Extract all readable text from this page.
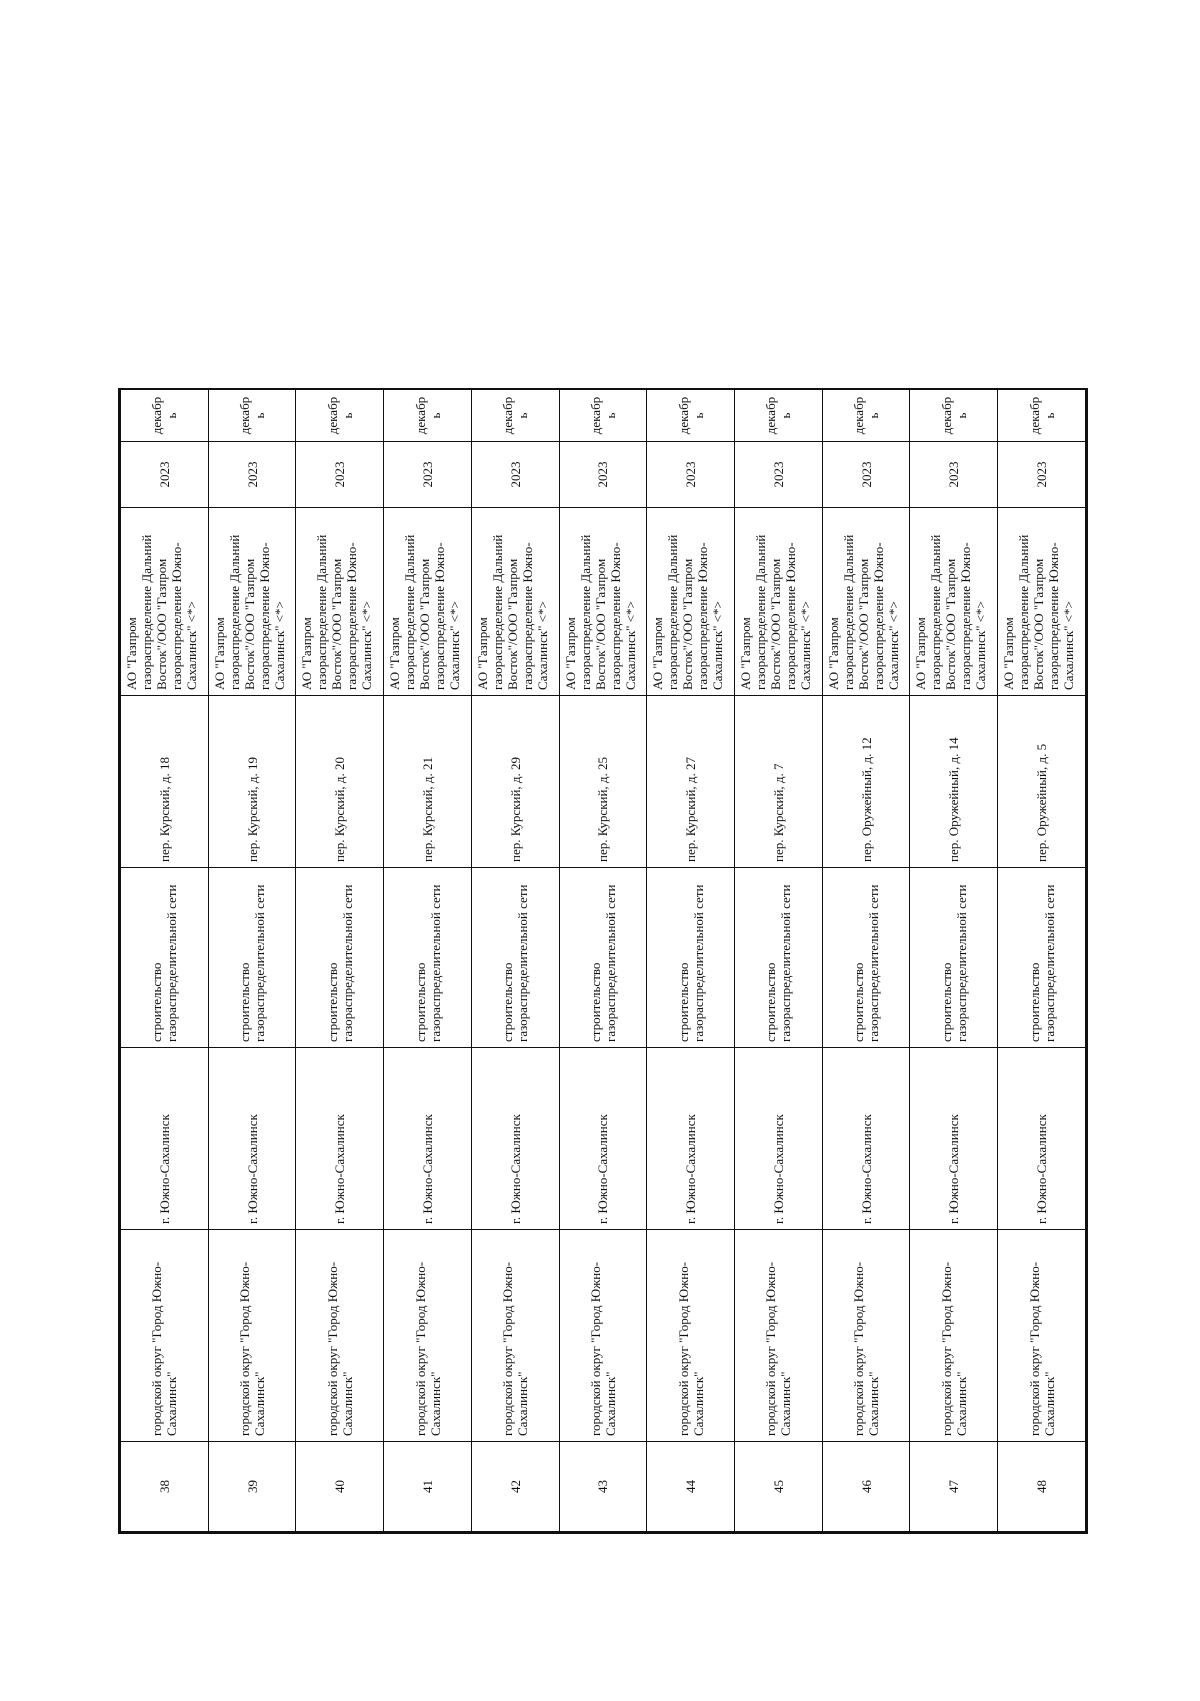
38	городской округ "Город Южно-Сахалинск"	г. Южно-Сахалинск	строительство газораспределительной сети	пер. Курский, д. 18	АО "Газпром газораспределение Дальний Восток"/ООО "Газпром газораспределение Южно-Сахалинск" <*>	2023	декабрь
39	городской округ "Город Южно-Сахалинск"	г. Южно-Сахалинск	строительство газораспределительной сети	пер. Курский, д. 19	АО "Газпром газораспределение Дальний Восток"/ООО "Газпром газораспределение Южно-Сахалинск" <*>	2023	декабрь
40	городской округ "Город Южно-Сахалинск"	г. Южно-Сахалинск	строительство газораспределительной сети	пер. Курский, д. 20	АО "Газпром газораспределение Дальний Восток"/ООО "Газпром газораспределение Южно-Сахалинск" <*>	2023	декабрь
41	городской округ "Город Южно-Сахалинск"	г. Южно-Сахалинск	строительство газораспределительной сети	пер. Курский, д. 21	АО "Газпром газораспределение Дальний Восток"/ООО "Газпром газораспределение Южно-Сахалинск" <*>	2023	декабрь
42	городской округ "Город Южно-Сахалинск"	г. Южно-Сахалинск	строительство газораспределительной сети	пер. Курский, д. 29	АО "Газпром газораспределение Дальний Восток"/ООО "Газпром газораспределение Южно-Сахалинск" <*>	2023	декабрь
43	городской округ "Город Южно-Сахалинск"	г. Южно-Сахалинск	строительство газораспределительной сети	пер. Курский, д. 25	АО "Газпром газораспределение Дальний Восток"/ООО "Газпром газораспределение Южно-Сахалинск" <*>	2023	декабрь
44	городской округ "Город Южно-Сахалинск"	г. Южно-Сахалинск	строительство газораспределительной сети	пер. Курский, д. 27	АО "Газпром газораспределение Дальний Восток"/ООО "Газпром газораспределение Южно-Сахалинск" <*>	2023	декабрь
45	городской округ "Город Южно-Сахалинск"	г. Южно-Сахалинск	строительство газораспределительной сети	пер. Курский, д. 7	АО "Газпром газораспределение Дальний Восток"/ООО "Газпром газораспределение Южно-Сахалинск" <*>	2023	декабрь
46	городской округ "Город Южно-Сахалинск"	г. Южно-Сахалинск	строительство газораспределительной сети	пер. Оружейный, д. 12	АО "Газпром газораспределение Дальний Восток"/ООО "Газпром газораспределение Южно-Сахалинск" <*>	2023	декабрь
47	городской округ "Город Южно-Сахалинск"	г. Южно-Сахалинск	строительство газораспределительной сети	пер. Оружейный, д. 14	АО "Газпром газораспределение Дальний Восток"/ООО "Газпром газораспределение Южно-Сахалинск" <*>	2023	декабрь
48	городской округ "Город Южно-Сахалинск"	г. Южно-Сахалинск	строительство газораспределительной сети	пер. Оружейный, д. 5	АО "Газпром газораспределение Дальний Восток"/ООО "Газпром газораспределение Южно-Сахалинск" <*>	2023	декабрь
